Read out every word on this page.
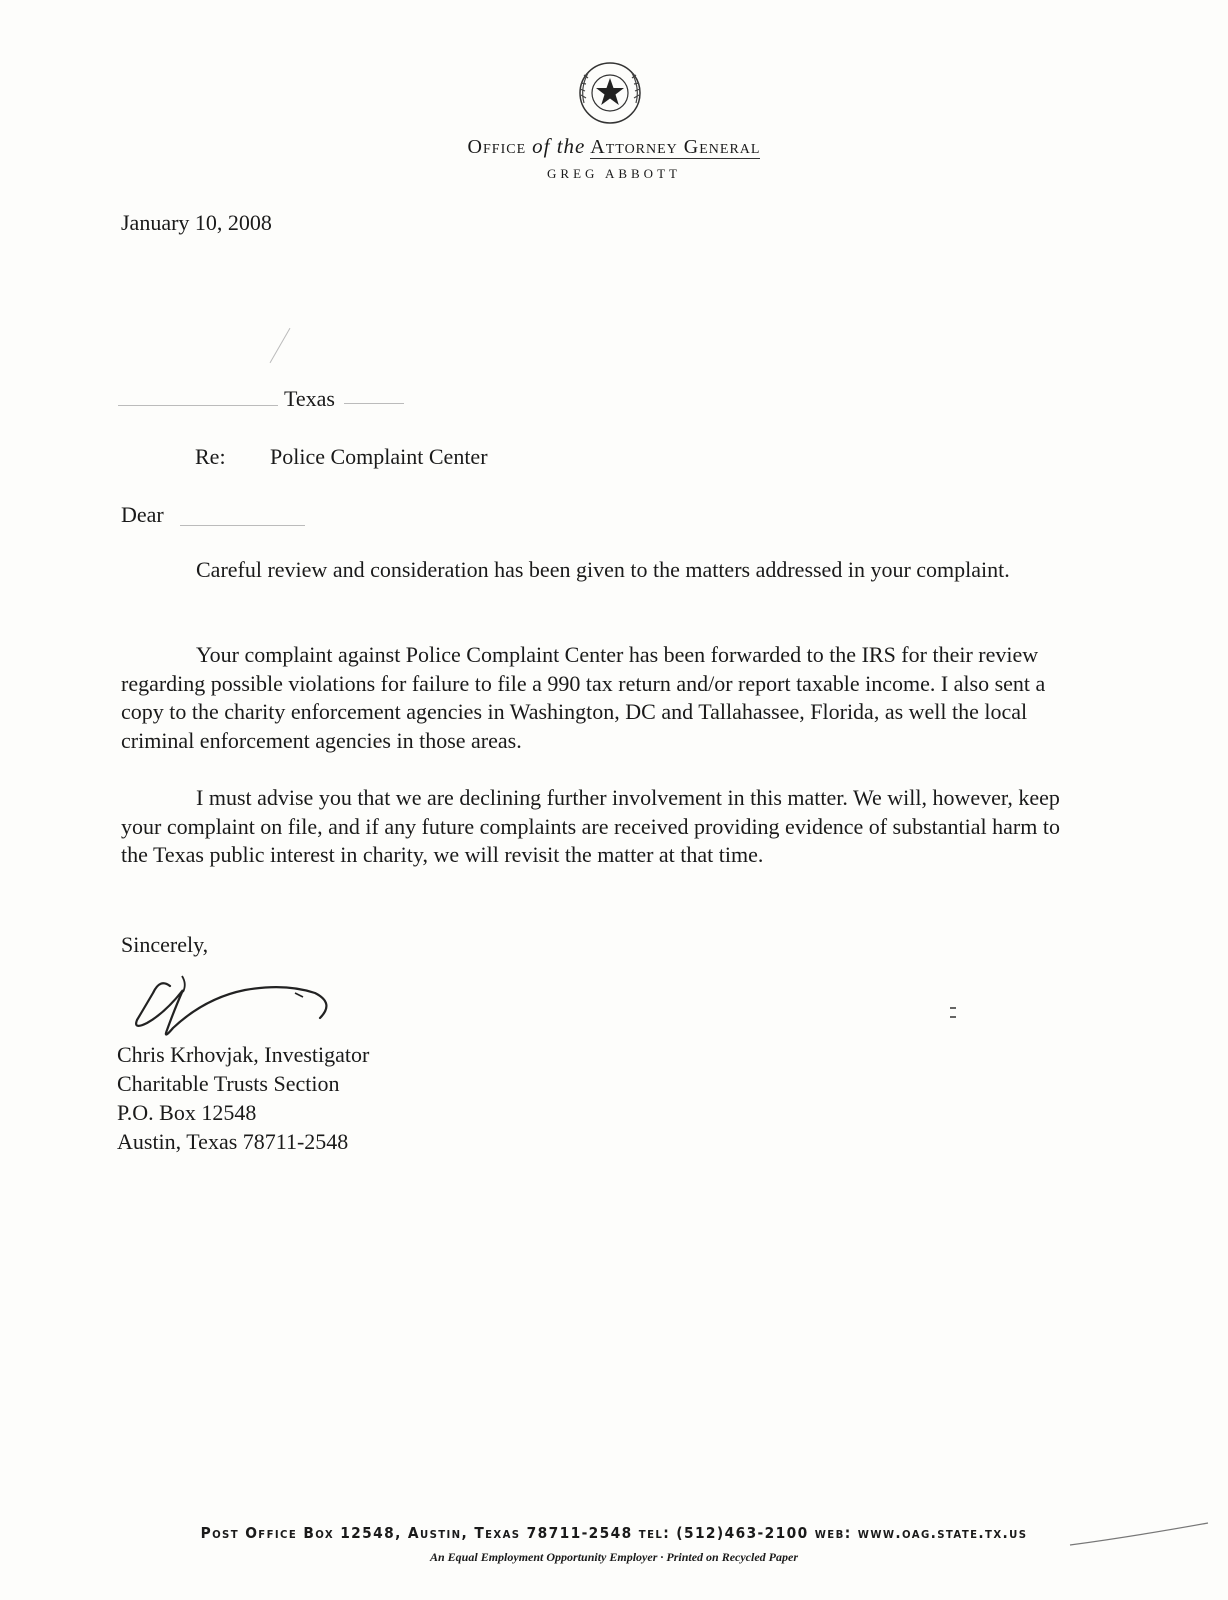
Office of the Attorney General
GREG ABBOTT
January 10, 2008
Texas
Re: Police Complaint Center
Dear
Careful review and consideration has been given to the matters addressed in your complaint.
Your complaint against Police Complaint Center has been forwarded to the IRS for their review regarding possible violations for failure to file a 990 tax return and/or report taxable income. I also sent a copy to the charity enforcement agencies in Washington, DC and Tallahassee, Florida, as well the local criminal enforcement agencies in those areas.
I must advise you that we are declining further involvement in this matter. We will, however, keep your complaint on file, and if any future complaints are received providing evidence of substantial harm to the Texas public interest in charity, we will revisit the matter at that time.
Sincerely,
Chris Krhovjak, Investigator
Charitable Trusts Section
P.O. Box 12548
Austin, Texas 78711-2548
Post Office Box 12548, Austin, Texas 78711-2548 tel: (512)463-2100 web: www.oag.state.tx.us
An Equal Employment Opportunity Employer · Printed on Recycled Paper
